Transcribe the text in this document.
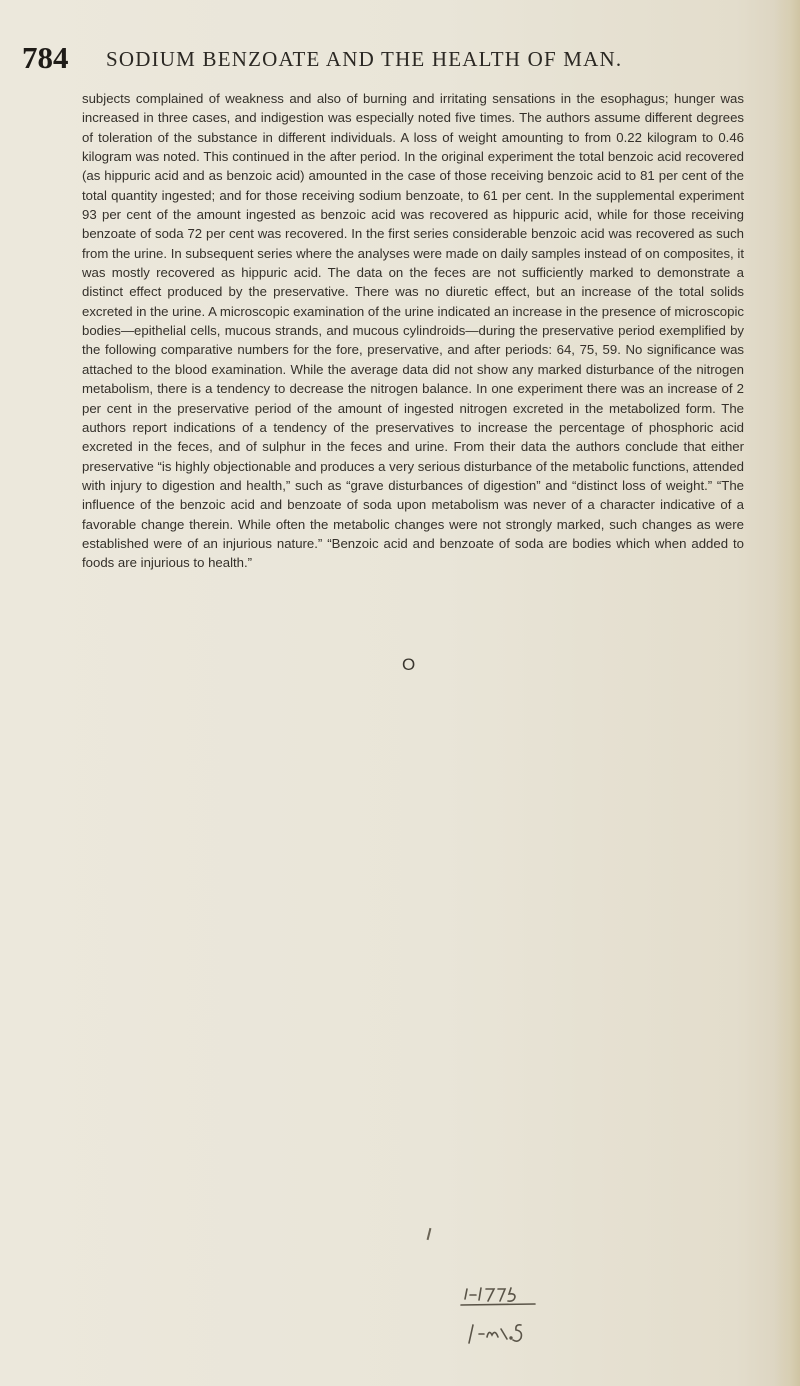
784 SODIUM BENZOATE AND THE HEALTH OF MAN.

subjects complained of weakness and also of burning and irritating sensations in the esophagus; hunger was increased in three cases, and indigestion was especially noted five times. The authors assume different degrees of toleration of the substance in different individuals. A loss of weight amounting to from 0.22 kilogram to 0.46 kilogram was noted. This continued in the after period. In the original experiment the total benzoic acid recovered (as hippuric acid and as benzoic acid) amounted in the case of those receiving benzoic acid to 81 per cent of the total quantity ingested; and for those receiving sodium benzoate, to 61 per cent. In the supplemental experiment 93 per cent of the amount ingested as benzoic acid was recovered as hippuric acid, while for those receiving benzoate of soda 72 per cent was recovered. In the first series considerable benzoic acid was recovered as such from the urine. In subsequent series where the analyses were made on daily samples instead of on composites, it was mostly recovered as hippuric acid. The data on the feces are not sufficiently marked to demonstrate a distinct effect produced by the preservative. There was no diuretic effect, but an increase of the total solids excreted in the urine. A microscopic examination of the urine indicated an increase in the presence of microscopic bodies—epithelial cells, mucous strands, and mucous cylindroids—during the preservative period exemplified by the following comparative numbers for the fore, preservative, and after periods: 64, 75, 59. No significance was attached to the blood examination. While the average data did not show any marked disturbance of the nitrogen metabolism, there is a tendency to decrease the nitrogen balance. In one experiment there was an increase of 2 per cent in the preservative period of the amount of ingested nitrogen excreted in the metabolized form. The authors report indications of a tendency of the preservatives to increase the percentage of phosphoric acid excreted in the feces, and of sulphur in the feces and urine. From their data the authors conclude that either preservative “is highly objectionable and produces a very serious disturbance of the metabolic functions, attended with injury to digestion and health,” such as “grave disturbances of digestion” and “distinct loss of weight.” “The influence of the benzoic acid and benzoate of soda upon metabolism was never of a character indicative of a favorable change therein. While often the metabolic changes were not strongly marked, such changes as were established were of an injurious nature.” “Benzoic acid and benzoate of soda are bodies which when added to foods are injurious to health.”

O
